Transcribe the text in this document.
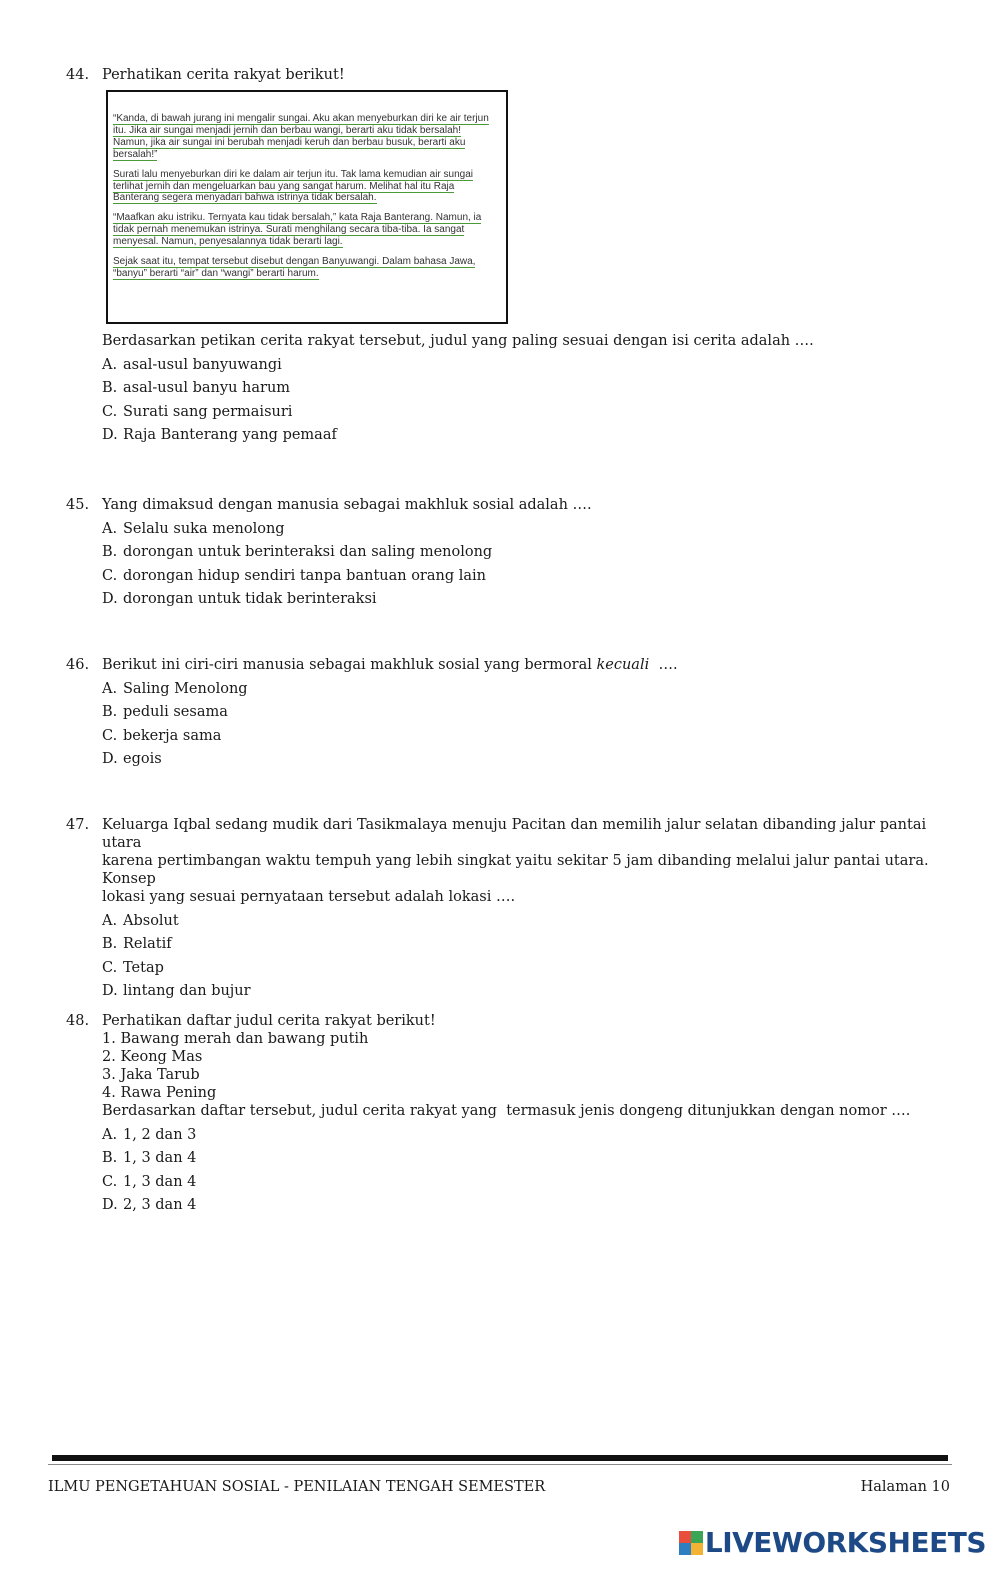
44. Perhatikan cerita rakyat berikut!

“Kanda, di bawah jurang ini mengalir sungai. Aku akan menyeburkan diri ke air terjun itu. Jika air sungai menjadi jernih dan berbau wangi, berarti aku tidak bersalah! Namun, jika air sungai ini berubah menjadi keruh dan berbau busuk, berarti aku bersalah!”

Surati lalu menyeburkan diri ke dalam air terjun itu. Tak lama kemudian air sungai terlihat jernih dan mengeluarkan bau yang sangat harum. Melihat hal itu Raja Banterang segera menyadari bahwa istrinya tidak bersalah.

“Maafkan aku istriku. Ternyata kau tidak bersalah,” kata Raja Banterang. Namun, ia tidak pernah menemukan istrinya. Surati menghilang secara tiba-tiba. Ia sangat menyesal. Namun, penyesalannya tidak berarti lagi.

Sejak saat itu, tempat tersebut disebut dengan Banyuwangi. Dalam bahasa Jawa, “banyu” berarti “air” dan “wangi” berarti harum.

Berdasarkan petikan cerita rakyat tersebut, judul yang paling sesuai dengan isi cerita adalah ….

A. asal-usul banyuwangi
B. asal-usul banyu harum
C. Surati sang permaisuri
D. Raja Banterang yang pemaaf
45. Yang dimaksud dengan manusia sebagai makhluk sosial adalah ….

A. Selalu suka menolong
B. dorongan untuk berinteraksi dan saling menolong
C. dorongan hidup sendiri tanpa bantuan orang lain
D. dorongan untuk tidak berinteraksi
46. Berikut ini ciri-ciri manusia sebagai makhluk sosial yang bermoral kecuali  ….

A. Saling Menolong
B. peduli sesama
C. bekerja sama
D. egois
47. Keluarga Iqbal sedang mudik dari Tasikmalaya menuju Pacitan dan memilih jalur selatan dibanding jalur pantai utara

karena pertimbangan waktu tempuh yang lebih singkat yaitu sekitar 5 jam dibanding melalui jalur pantai utara. Konsep

lokasi yang sesuai pernyataan tersebut adalah lokasi ….

A. Absolut
B. Relatif
C. Tetap
D. lintang dan bujur
48. Perhatikan daftar judul cerita rakyat berikut!

1. Bawang merah dan bawang putih

2. Keong Mas

3. Jaka Tarub

4. Rawa Pening

Berdasarkan daftar tersebut, judul cerita rakyat yang  termasuk jenis dongeng ditunjukkan dengan nomor ….

A. 1, 2 dan 3
B. 1, 3 dan 4
C. 1, 3 dan 4
D. 2, 3 dan 4
ILMU PENGETAHUAN SOSIAL - PENILAIAN TENGAH SEMESTER	Halaman 10
LIVEWORKSHEETS
